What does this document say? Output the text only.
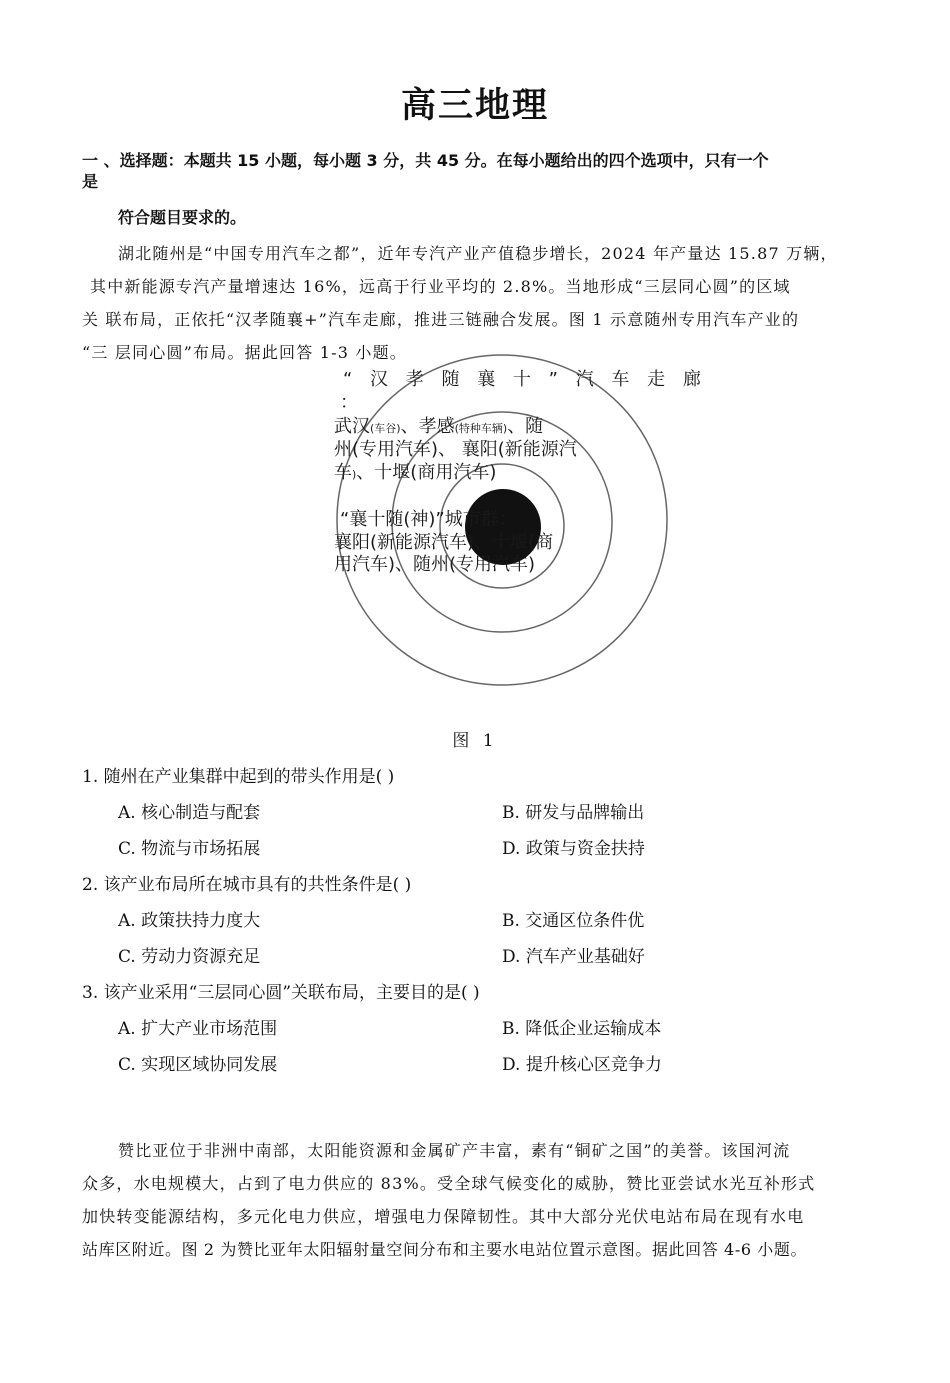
高三地理
一 、选择题：本题共 15 小题，每小题 3 分，共 45 分。在每小题给出的四个选项中，只有一个
是
符合题目要求的。
湖北随州是“中国专用汽车之都”，近年专汽产业产值稳步增长，2024 年产量达 15.87 万辆，
其中新能源专汽产量增速达 16%，远高于行业平均的 2.8%。当地形成“三层同心圆”的区域
关 联布局，正依托“汉孝随襄+”汽车走廊，推进三链融合发展。图 1 示意随州专用汽车产业的
“三 层同心圆”布局。据此回答 1-3 小题。
“ 汉 孝 随 襄 十 ” 汽 车 走 廊
：
武汉(车谷)、孝感(特种车辆)、随
州(专用汽车)、 襄阳(新能源汽
车)、十堰(商用汽车)
“襄十随(神)”城市群：
襄阳(新能源汽车)、十堰(商
用汽车)、随州(专用汽车)
图 1
1. 随州在产业集群中起到的带头作用是( )
A. 核心制造与配套	B. 研发与品牌输出
C. 物流与市场拓展	D. 政策与资金扶持
2. 该产业布局所在城市具有的共性条件是( )
A. 政策扶持力度大	B. 交通区位条件优
C. 劳动力资源充足	D. 汽车产业基础好
3. 该产业采用“三层同心圆”关联布局，主要目的是( )
A. 扩大产业市场范围	B. 降低企业运输成本
C. 实现区域协同发展	D. 提升核心区竞争力
赞比亚位于非洲中南部，太阳能资源和金属矿产丰富，素有“铜矿之国”的美誉。该国河流
众多，水电规模大，占到了电力供应的 83%。受全球气候变化的威胁，赞比亚尝试水光互补形式
加快转变能源结构，多元化电力供应，增强电力保障韧性。其中大部分光伏电站布局在现有水电
站库区附近。图 2 为赞比亚年太阳辐射量空间分布和主要水电站位置示意图。据此回答 4-6 小题。
